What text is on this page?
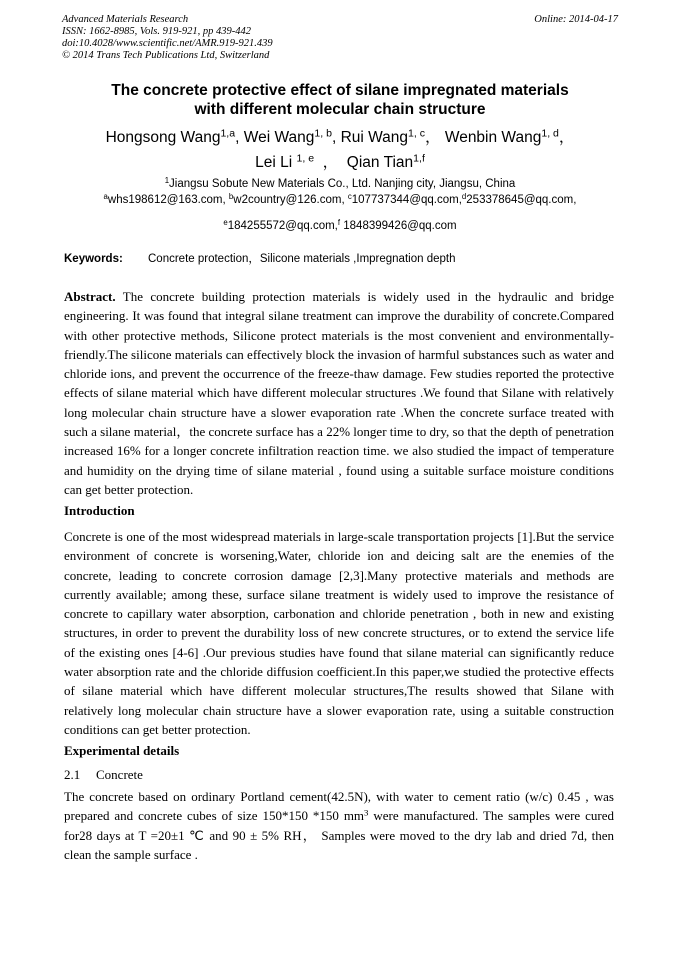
Advanced Materials Research
ISSN: 1662-8985, Vols. 919-921, pp 439-442
doi:10.4028/www.scientific.net/AMR.919-921.439
© 2014 Trans Tech Publications Ltd, Switzerland
Online: 2014-04-17
The concrete protective effect of silane impregnated materials
with different molecular chain structure
Hongsong Wang$^{1,a}$, Wei Wang$^{1, b}$, Rui Wang$^{1, c}$， Wenbin Wang$^{1, d}$，
Lei Li $^{1, e}$  ，  Qian Tian$^{1,f}$
$^1$Jiangsu Sobute New Materials Co., Ltd. Nanjing city, Jiangsu, China
$^a$whs198612@163.com, $^b$w2country@126.com, $^c$107737344@qq.com,$^d$253378645@qq.com,
$^e$184255572@qq.com,$^f$ 1848399426@qq.com
Keywords: Concrete protection，Silicone materials ,Impregnation depth

Abstract. The concrete building protection materials is widely used in the hydraulic and bridge engineering. It was found that integral silane treatment can improve the durability of concrete.Compared with other protective methods, Silicone protect materials is the most convenient and environmentally-friendly.The silicone materials can effectively block the invasion of harmful substances such as water and chloride ions, and prevent the occurrence of the freeze-thaw damage. Few studies reported the protective effects of silane material which have different molecular structures .We found that Silane with relatively long molecular chain structure have a slower evaporation rate .When the concrete surface treated with such a silane material，the concrete surface has a 22% longer time to dry, so that the depth of penetration increased 16% for a longer concrete infiltration reaction time. we also studied the impact of temperature and humidity on the drying time of silane material , found using a suitable surface moisture conditions can get better protection.

Introduction

Concrete is one of the most widespread materials in large-scale transportation projects [1].But the service environment of concrete is worsening,Water, chloride ion and deicing salt are the enemies of the concrete, leading to concrete corrosion damage [2,3].Many protective materials and methods are currently available; among these, surface silane treatment is widely used to improve the resistance of concrete to capillary water absorption, carbonation and chloride penetration , both in new and existing structures, in order to prevent the durability loss of new concrete structures, or to extend the service life of the existing ones [4-6] .Our previous studies have found that silane material can significantly reduce water absorption rate and the chloride diffusion coefficient.In this paper,we studied the protective effects of silane material which have different molecular structures,The results showed that Silane with relatively long molecular chain structure have a slower evaporation rate, using a suitable construction conditions can get better protection.

Experimental details
2.1 Concrete

The concrete based on ordinary Portland cement(42.5N), with water to cement ratio (w/c) 0.45 , was prepared and concrete cubes of size 150*150 *150 $mm^3$ were manufactured. The samples were cured for28 days at T =20±1 ℃ and 90 ± 5% RH， Samples were moved to the dry lab and dried 7d, then clean the sample surface .
